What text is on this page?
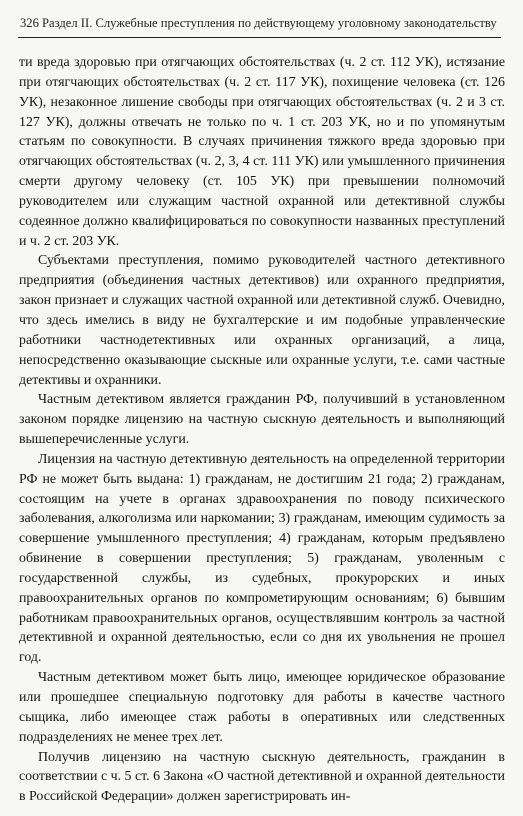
326 Раздел II. Служебные преступления по действующему уголовному законодательству

ти вреда здоровью при отягчающих обстоятельствах (ч. 2 ст. 112 УК), истязание при отягчающих обстоятельствах (ч. 2 ст. 117 УК), похищение человека (ст. 126 УК), незаконное лишение свободы при отягчающих обстоятельствах (ч. 2 и 3 ст. 127 УК), должны отвечать не только по ч. 1 ст. 203 УК, но и по упомянутым статьям по совокупности. В случаях причинения тяжкого вреда здоровью при отягчающих обстоятельствах (ч. 2, 3, 4 ст. 111 УК) или умышленного причинения смерти другому человеку (ст. 105 УК) при превышении полномочий руководителем или служащим частной охранной или детективной службы содеянное должно квалифицироваться по совокупности названных преступлений и ч. 2 ст. 203 УК.

Субъектами преступления, помимо руководителей частного детективного предприятия (объединения частных детективов) или охранного предприятия, закон признает и служащих частной охранной или детективной служб. Очевидно, что здесь имелись в виду не бухгалтерские и им подобные управленческие работники частнодетективных или охранных организаций, а лица, непосредственно оказывающие сыскные или охранные услуги, т.е. сами частные детективы и охранники.

Частным детективом является гражданин РФ, получивший в установленном законом порядке лицензию на частную сыскную деятельность и выполняющий вышеперечисленные услуги.

Лицензия на частную детективную деятельность на определенной территории РФ не может быть выдана: 1) гражданам, не достигшим 21 года; 2) гражданам, состоящим на учете в органах здравоохранения по поводу психического заболевания, алкоголизма или наркомании; 3) гражданам, имеющим судимость за совершение умышленного преступления; 4) гражданам, которым предъявлено обвинение в совершении преступления; 5) гражданам, уволенным с государственной службы, из судебных, прокурорских и иных правоохранительных органов по компрометирующим основаниям; 6) бывшим работникам правоохранительных органов, осуществлявшим контроль за частной детективной и охранной деятельностью, если со дня их увольнения не прошел год.

Частным детективом может быть лицо, имеющее юридическое образование или прошедшее специальную подготовку для работы в качестве частного сыщика, либо имеющее стаж работы в оперативных или следственных подразделениях не менее трех лет.

Получив лицензию на частную сыскную деятельность, гражданин в соответствии с ч. 5 ст. 6 Закона «О частной детективной и охранной деятельности в Российской Федерации» должен зарегистрировать ин-
